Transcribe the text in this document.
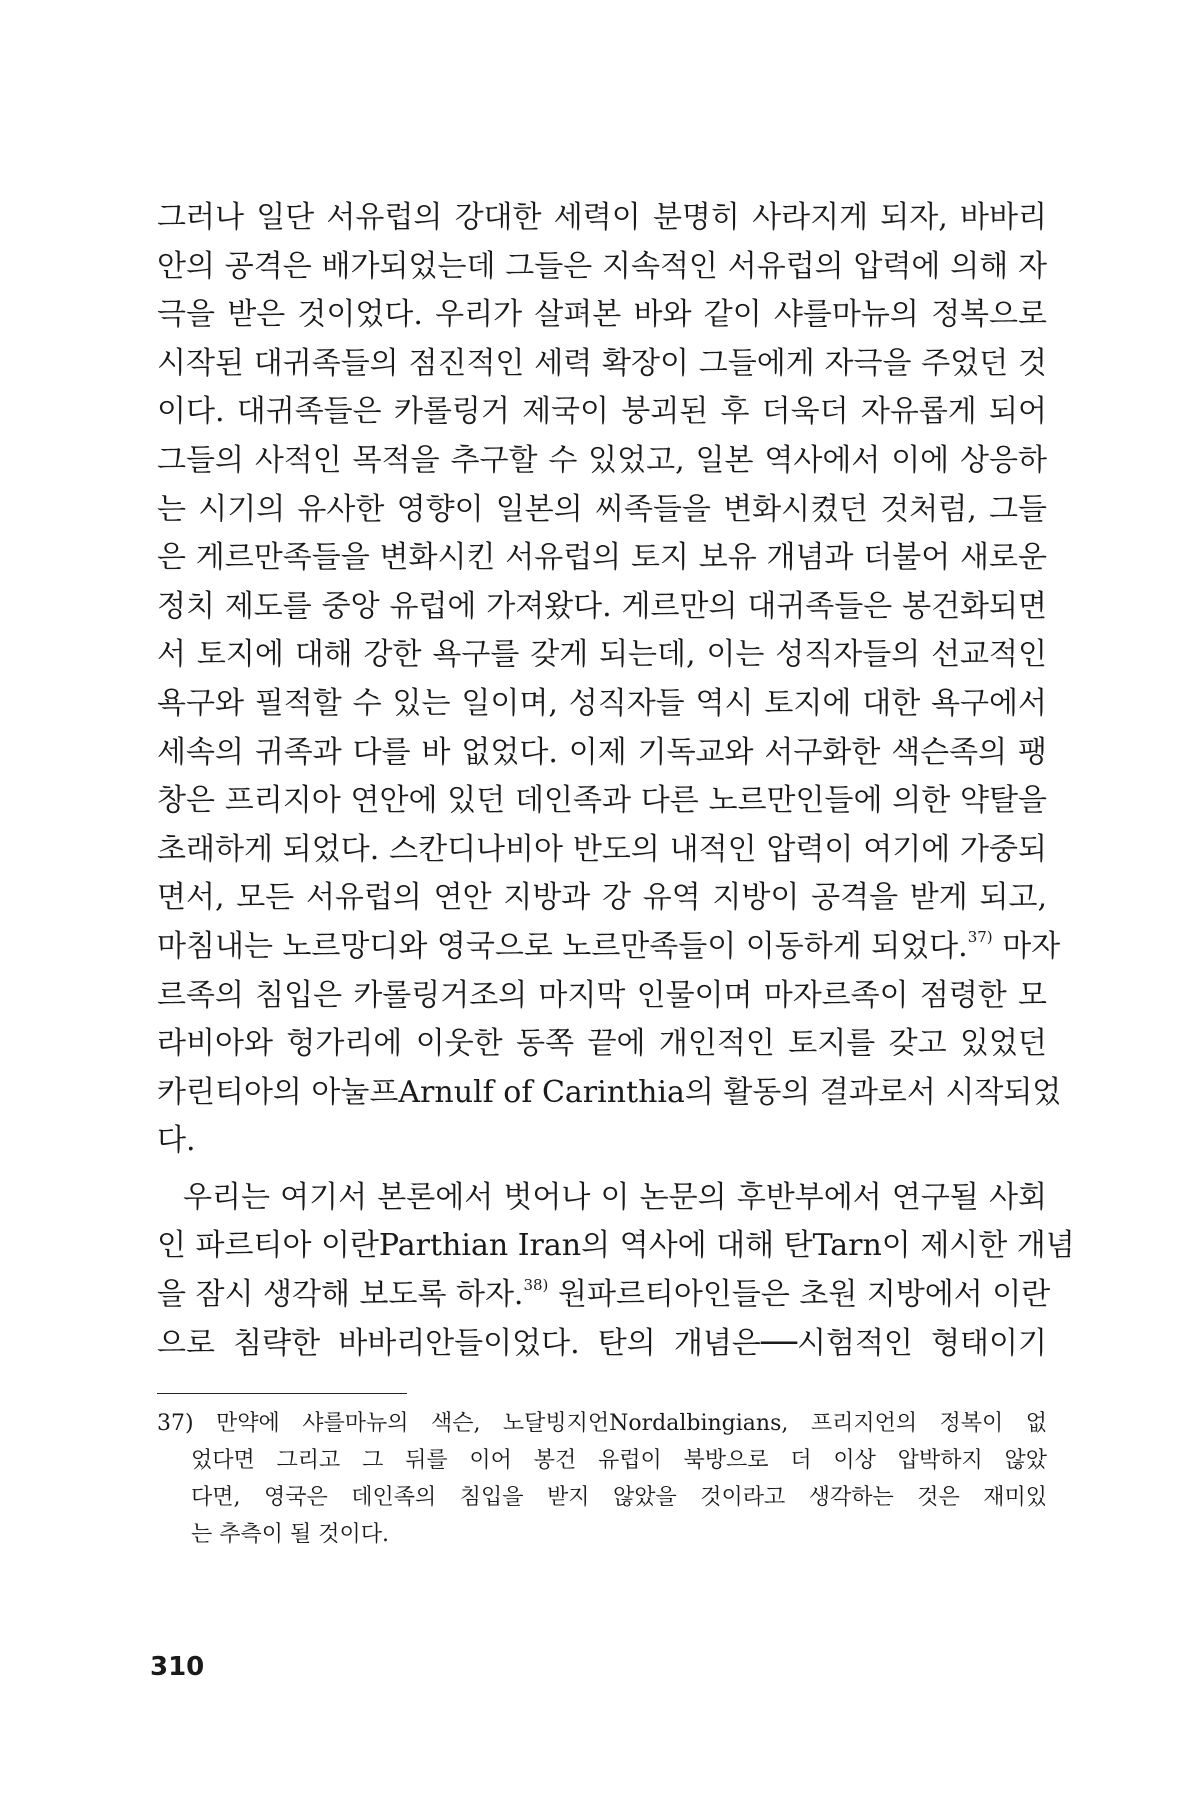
그러나 일단 서유럽의 강대한 세력이 분명히 사라지게 되자, 바바리
안의 공격은 배가되었는데 그들은 지속적인 서유럽의 압력에 의해 자
극을 받은 것이었다. 우리가 살펴본 바와 같이 샤를마뉴의 정복으로
시작된 대귀족들의 점진적인 세력 확장이 그들에게 자극을 주었던 것
이다. 대귀족들은 카롤링거 제국이 붕괴된 후 더욱더 자유롭게 되어
그들의 사적인 목적을 추구할 수 있었고, 일본 역사에서 이에 상응하
는 시기의 유사한 영향이 일본의 씨족들을 변화시켰던 것처럼, 그들
은 게르만족들을 변화시킨 서유럽의 토지 보유 개념과 더불어 새로운
정치 제도를 중앙 유럽에 가져왔다. 게르만의 대귀족들은 봉건화되면
서 토지에 대해 강한 욕구를 갖게 되는데, 이는 성직자들의 선교적인
욕구와 필적할 수 있는 일이며, 성직자들 역시 토지에 대한 욕구에서
세속의 귀족과 다를 바 없었다. 이제 기독교와 서구화한 색슨족의 팽
창은 프리지아 연안에 있던 데인족과 다른 노르만인들에 의한 약탈을
초래하게 되었다. 스칸디나비아 반도의 내적인 압력이 여기에 가중되
면서, 모든 서유럽의 연안 지방과 강 유역 지방이 공격을 받게 되고,
마침내는 노르망디와 영국으로 노르만족들이 이동하게 되었다.$^{37)}$ 마자
르족의 침입은 카롤링거조의 마지막 인물이며 마자르족이 점령한 모
라비아와 헝가리에 이웃한 동쪽 끝에 개인적인 토지를 갖고 있었던
카린티아의 아눌프Arnulf of Carinthia의 활동의 결과로서 시작되었
다.
우리는 여기서 본론에서 벗어나 이 논문의 후반부에서 연구될 사회
인 파르티아 이란Parthian Iran의 역사에 대해 탄Tarn이 제시한 개념
을 잠시 생각해 보도록 하자.$^{38)}$ 원파르티아인들은 초원 지방에서 이란
으로 침략한 바바리안들이었다. 탄의 개념은──시험적인 형태이기
37) 만약에 샤를마뉴의 색슨, 노달빙지언Nordalbingians, 프리지언의 정복이 없
었다면 그리고 그 뒤를 이어 봉건 유럽이 북방으로 더 이상 압박하지 않았
다면, 영국은 데인족의 침입을 받지 않았을 것이라고 생각하는 것은 재미있
는 추측이 될 것이다.
310
